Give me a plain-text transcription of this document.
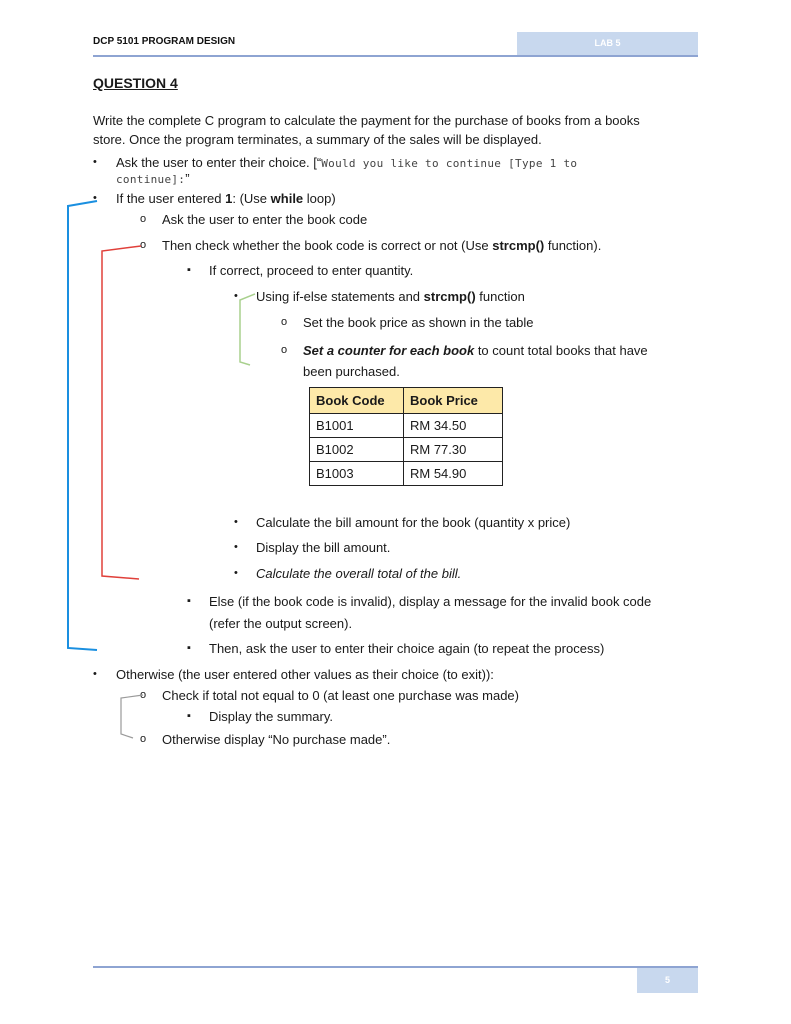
DCP 5101 PROGRAM DESIGN	LAB 5
QUESTION 4
Write the complete C program to calculate the payment for the purchase of books from a books
store. Once the program terminates, a summary of the sales will be displayed.
• Ask the user to enter their choice. [“Would you like to continue [Type 1 to
continue]:”
• If the user entered 1: (Use while loop)
o Ask the user to enter the book code
o Then check whether the book code is correct or not (Use strcmp() function).
▪ If correct, proceed to enter quantity.
• Using if-else statements and strcmp() function
o Set the book price as shown in the table
o Set a counter for each book to count total books that have
been purchased.
Book Code	Book Price
B1001	RM 34.50
B1002	RM 77.30
B1003	RM 54.90
• Calculate the bill amount for the book (quantity x price)
• Display the bill amount.
• Calculate the overall total of the bill.
▪ Else (if the book code is invalid), display a message for the invalid book code
(refer the output screen).
▪ Then, ask the user to enter their choice again (to repeat the process)
• Otherwise (the user entered other values as their choice (to exit)):
o Check if total not equal to 0 (at least one purchase was made)
▪ Display the summary.
o Otherwise display “No purchase made”.
5
